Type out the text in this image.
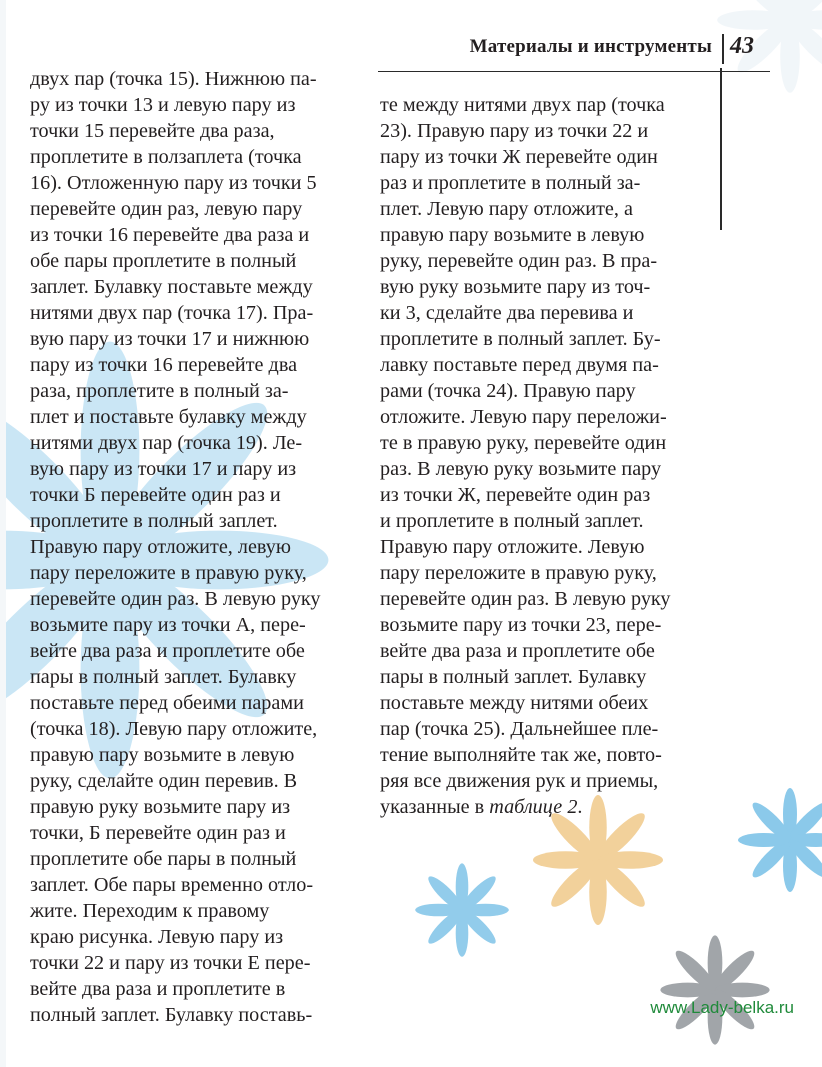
Материалы и инструменты 43
двух пар (точка 15). Нижнюю па-
ру из точки 13 и левую пару из
точки 15 перевейте два раза,
проплетите в ползаплета (точка
16). Отложенную пару из точки 5
перевейте один раз, левую пару
из точки 16 перевейте два раза и
обе пары проплетите в полный
заплет. Булавку поставьте между
нитями двух пар (точка 17). Пра-
вую пару из точки 17 и нижнюю
пару из точки 16 перевейте два
раза, проплетите в полный за-
плет и поставьте булавку между
нитями двух пар (точка 19). Ле-
вую пару из точки 17 и пару из
точки Б перевейте один раз и
проплетите в полный заплет.
Правую пару отложите, левую
пару переложите в правую руку,
перевейте один раз. В левую руку
возьмите пару из точки А, пере-
вейте два раза и проплетите обе
пары в полный заплет. Булавку
поставьте перед обеими парами
(точка 18). Левую пару отложите,
правую пару возьмите в левую
руку, сделайте один перевив. В
правую руку возьмите пару из
точки, Б перевейте один раз и
проплетите обе пары в полный
заплет. Обе пары временно отло-
жите. Переходим к правому
краю рисунка. Левую пару из
точки 22 и пару из точки Е пере-
вейте два раза и проплетите в
полный заплет. Булавку поставь-

те между нитями двух пар (точка
23). Правую пару из точки 22 и
пару из точки Ж перевейте один
раз и проплетите в полный за-
плет. Левую пару отложите, а
правую пару возьмите в левую
руку, перевейте один раз. В пра-
вую руку возьмите пару из точ-
ки 3, сделайте два перевива и
проплетите в полный заплет. Бу-
лавку поставьте перед двумя па-
рами (точка 24). Правую пару
отложите. Левую пару переложи-
те в правую руку, перевейте один
раз. В левую руку возьмите пару
из точки Ж, перевейте один раз
и проплетите в полный заплет.
Правую пару отложите. Левую
пару переложите в правую руку,
перевейте один раз. В левую руку
возьмите пару из точки 23, пере-
вейте два раза и проплетите обе
пары в полный заплет. Булавку
поставьте между нитями обеих
пар (точка 25). Дальнейшее пле-
тение выполняйте так же, повто-
ряя все движения рук и приемы,
указанные в таблице 2.
www.Lady-belka.ru
